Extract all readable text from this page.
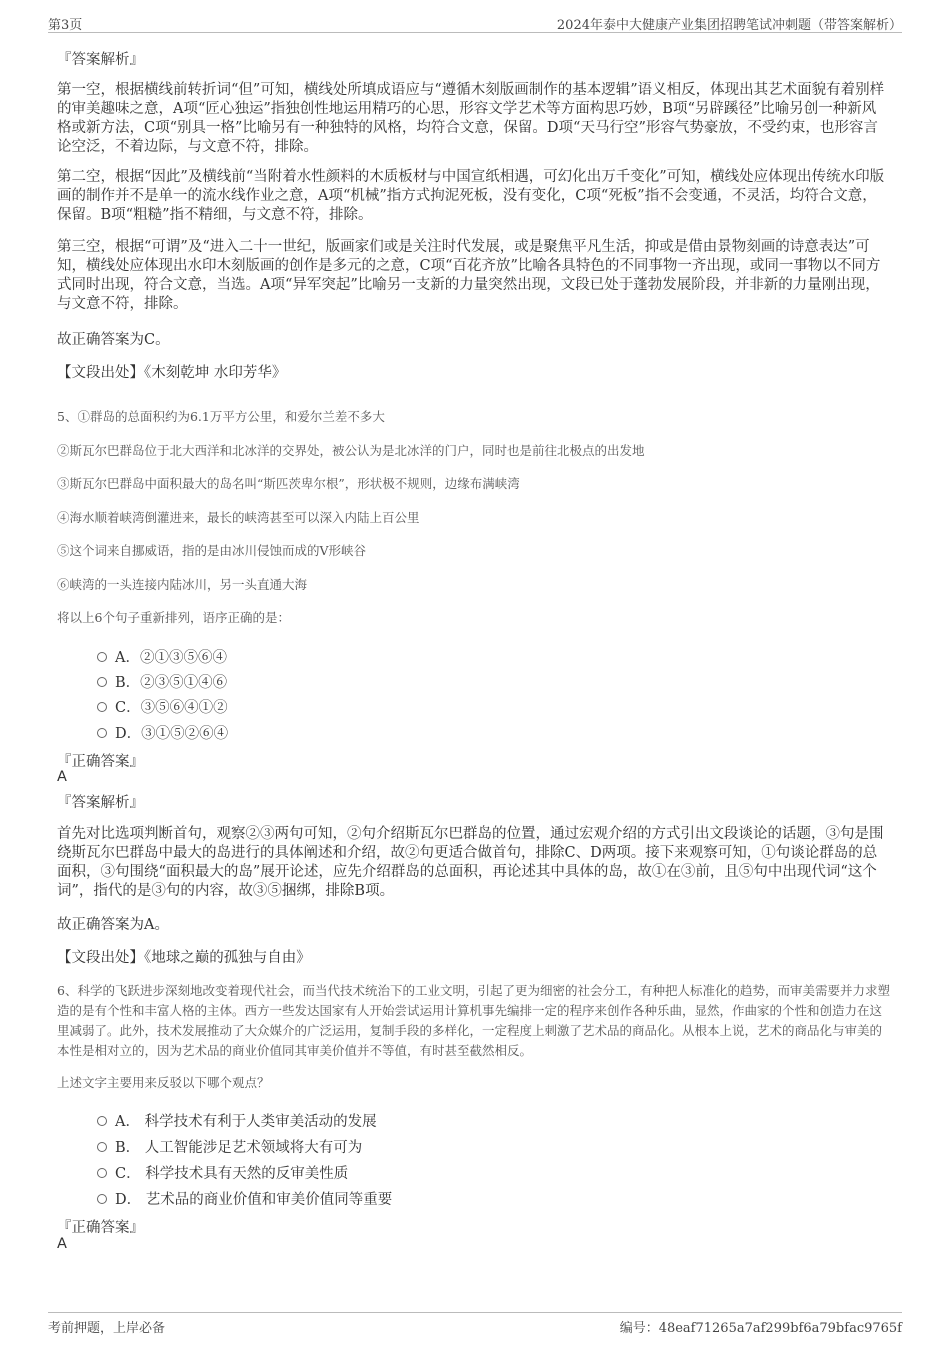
第3页	2024年泰中大健康产业集团招聘笔试冲刺题（带答案解析）
『答案解析』

第一空，根据横线前转折词“但”可知，横线处所填成语应与“遵循木刻版画制作的基本逻辑”语义相反，体现出其艺术面貌有着别样的审美趣味之意，A项“匠心独运”指独创性地运用精巧的心思，形容文学艺术等方面构思巧妙，B项“另辟蹊径”比喻另创一种新风格或新方法，C项“别具一格”比喻另有一种独特的风格，均符合文意，保留。D项“天马行空”形容气势豪放，不受约束，也形容言论空泛，不着边际，与文意不符，排除。

第二空，根据“因此”及横线前“当附着水性颜料的木质板材与中国宣纸相遇，可幻化出万千变化”可知，横线处应体现出传统水印版画的制作并不是单一的流水线作业之意，A项“机械”指方式拘泥死板，没有变化，C项“死板”指不会变通，不灵活，均符合文意，保留。B项“粗糙”指不精细，与文意不符，排除。

第三空，根据“可谓”及“进入二十一世纪，版画家们或是关注时代发展，或是聚焦平凡生活，抑或是借由景物刻画的诗意表达”可知，横线处应体现出水印木刻版画的创作是多元的之意，C项“百花齐放”比喻各具特色的不同事物一齐出现，或同一事物以不同方式同时出现，符合文意，当选。A项“异军突起”比喻另一支新的力量突然出现，文段已处于蓬勃发展阶段，并非新的力量刚出现，与文意不符，排除。

故正确答案为C。
【文段出处】《木刻乾坤 水印芳华》
5、①群岛的总面积约为6.1万平方公里，和爱尔兰差不多大
②斯瓦尔巴群岛位于北大西洋和北冰洋的交界处，被公认为是北冰洋的门户，同时也是前往北极点的出发地
③斯瓦尔巴群岛中面积最大的岛名叫“斯匹茨卑尔根”，形状极不规则，边缘布满峡湾
④海水顺着峡湾倒灌进来，最长的峡湾甚至可以深入内陆上百公里
⑤这个词来自挪威语，指的是由冰川侵蚀而成的V形峡谷
⑥峡湾的一头连接内陆冰川，另一头直通大海
将以上6个句子重新排列，语序正确的是：
A．②①③⑤⑥④
B．②③⑤①④⑥
C．③⑤⑥④①②
D．③①⑤②⑥④
『正确答案』
A
『答案解析』

首先对比选项判断首句，观察②③两句可知，②句介绍斯瓦尔巴群岛的位置，通过宏观介绍的方式引出文段谈论的话题，③句是围绕斯瓦尔巴群岛中最大的岛进行的具体阐述和介绍，故②句更适合做首句，排除C、D两项。接下来观察可知，①句谈论群岛的总面积，③句围绕“面积最大的岛”展开论述，应先介绍群岛的总面积，再论述其中具体的岛，故①在③前，且⑤句中出现代词“这个词”，指代的是③句的内容，故③⑤捆绑，排除B项。

故正确答案为A。
【文段出处】《地球之巅的孤独与自由》

6、科学的飞跃进步深刻地改变着现代社会，而当代技术统治下的工业文明，引起了更为细密的社会分工，有种把人标准化的趋势，而审美需要并力求塑造的是有个性和丰富人格的主体。西方一些发达国家有人开始尝试运用计算机事先编排一定的程序来创作各种乐曲，显然，作曲家的个性和创造力在这里减弱了。此外，技术发展推动了大众媒介的广泛运用，复制手段的多样化，一定程度上刺激了艺术品的商品化。从根本上说，艺术的商品化与审美的本性是相对立的，因为艺术品的商业价值同其审美价值并不等值，有时甚至截然相反。

上述文字主要用来反驳以下哪个观点？
A． 科学技术有利于人类审美活动的发展
B． 人工智能涉足艺术领域将大有可为
C． 科学技术具有天然的反审美性质
D． 艺术品的商业价值和审美价值同等重要
『正确答案』
A
考前押题，上岸必备	编号：48eaf71265a7af299bf6a79bfac9765f
